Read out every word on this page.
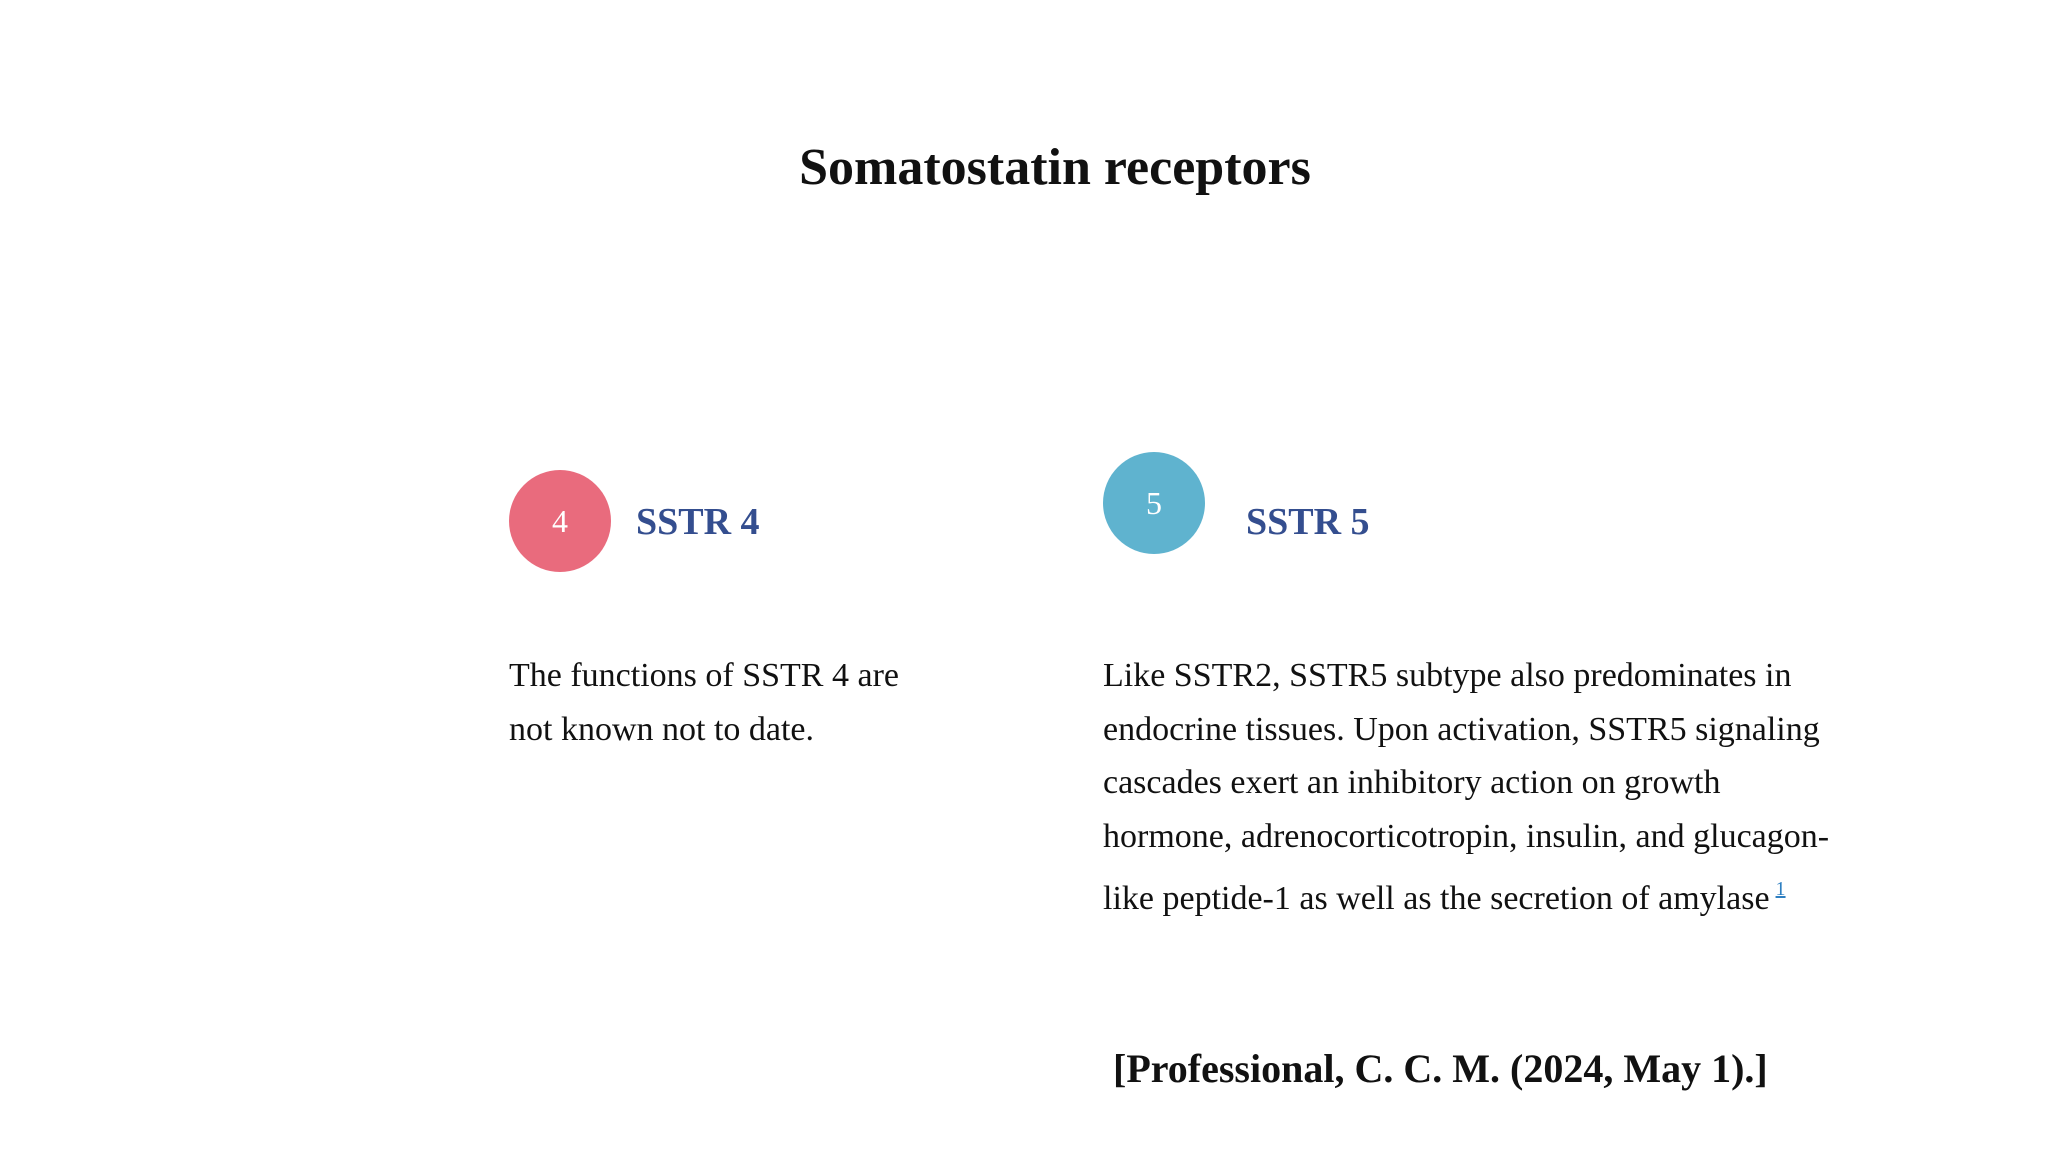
Somatostatin receptors
4	SSTR 4
The functions of SSTR 4 are
not known not to date.
5	SSTR 5
Like SSTR2, SSTR5 subtype also predominates in
endocrine tissues. Upon activation, SSTR5 signaling
cascades exert an inhibitory action on growth
hormone, adrenocorticotropin, insulin, and glucagon-
like peptide-1 as well as the secretion of amylase $^1$
[Professional, C. C. M. (2024, May 1).]
